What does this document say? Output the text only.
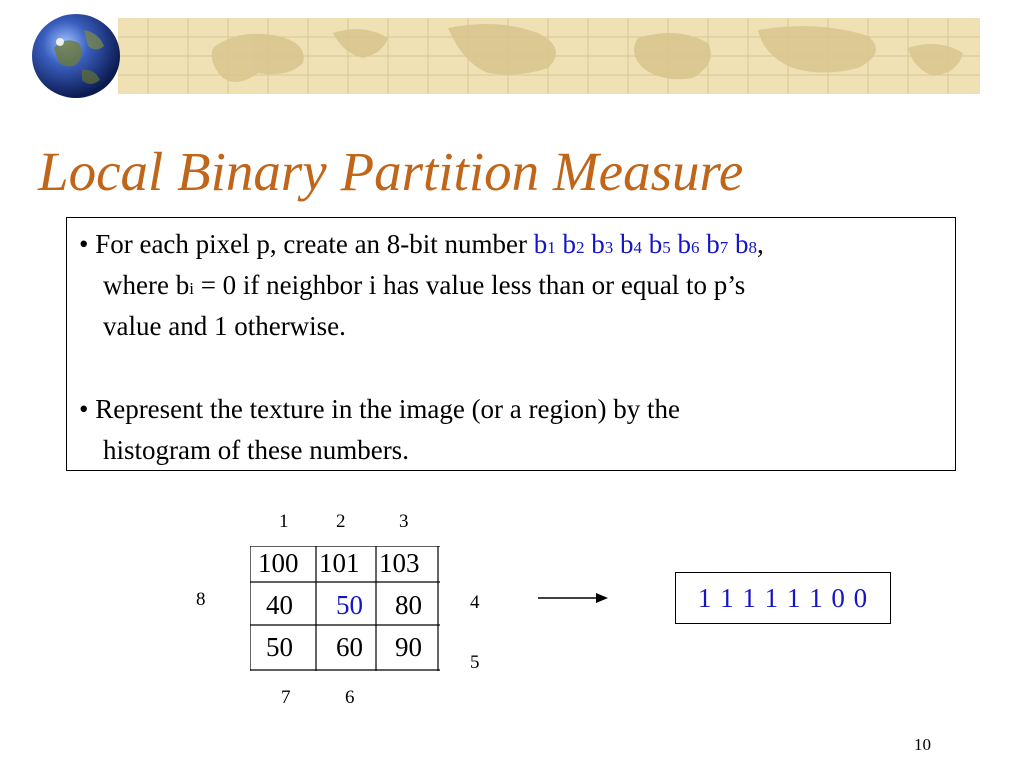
Local Binary Partition Measure
• For each pixel p, create an 8-bit number b1 b2 b3 b4 b5 b6 b7 b8,
where bi = 0 if neighbor i has value less than or equal to p’s
value and 1 otherwise.
• Represent the texture in the image (or a region) by the
histogram of these numbers.
1	2	3
8	4
5
7	6
100 101 103
40 50 80
50 60 90
1 1 1 1 1 1 0 0
10
